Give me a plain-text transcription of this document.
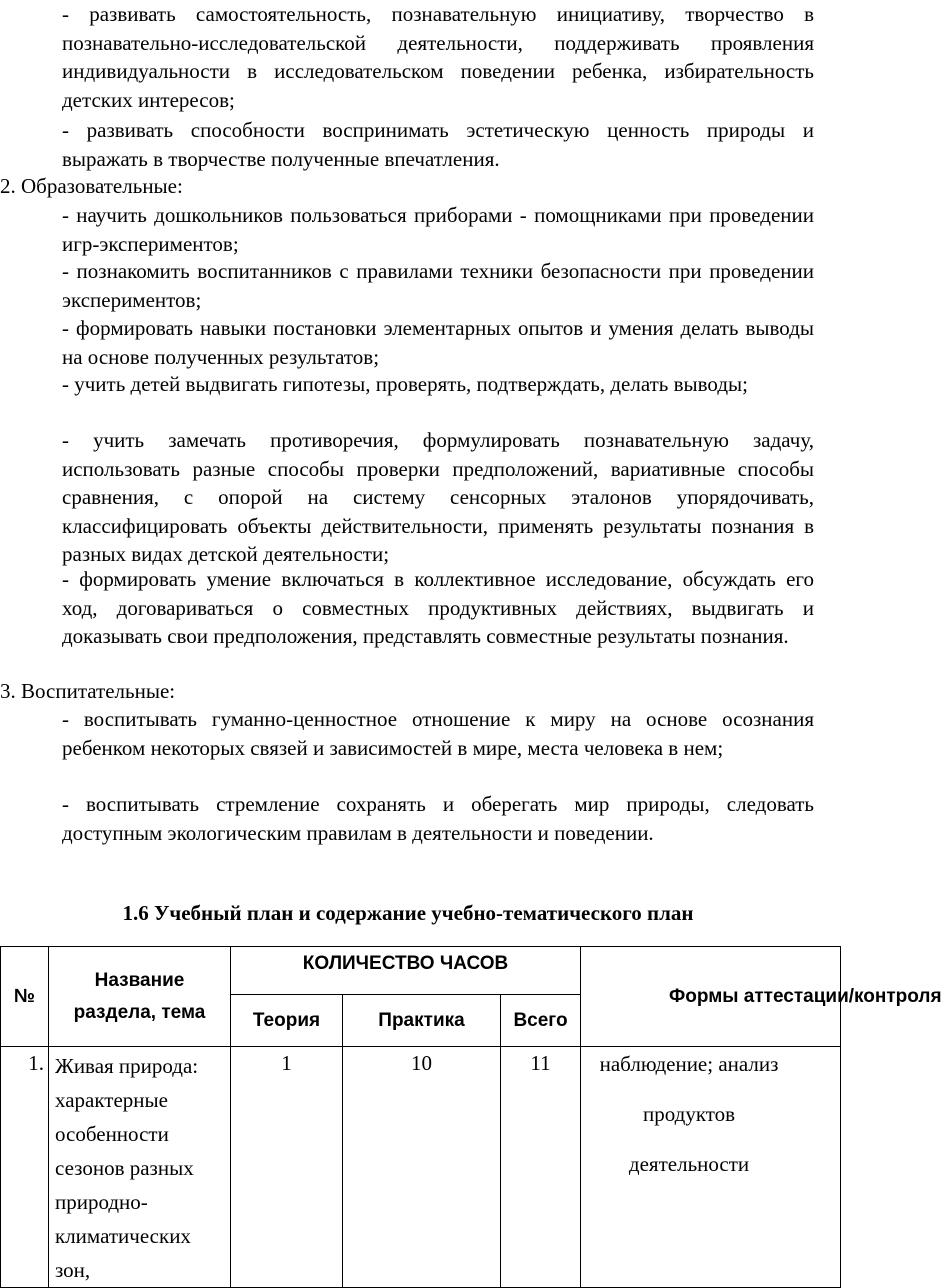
- развивать самостоятельность, познавательную инициативу, творчество в познавательно-исследовательской деятельности, поддерживать проявления индивидуальности в исследовательском поведении ребенка, избирательность детских интересов;

- развивать способности воспринимать эстетическую ценность природы и выражать в творчестве полученные впечатления.

2. Образовательные:

- научить дошкольников пользоваться приборами - помощниками при проведении игр-экспериментов;

- познакомить воспитанников с правилами техники безопасности при проведении экспериментов;

- формировать навыки постановки элементарных опытов и умения делать выводы на основе полученных результатов;

- учить детей выдвигать гипотезы, проверять, подтверждать, делать выводы;

- учить замечать противоречия, формулировать познавательную задачу, использовать разные способы проверки предположений, вариативные способы сравнения, с опорой на систему сенсорных эталонов упорядочивать, классифицировать объекты действительности, применять результаты познания в разных видах детской деятельности;

- формировать умение включаться в коллективное исследование, обсуждать его ход, договариваться о совместных продуктивных действиях, выдвигать и доказывать свои предположения, представлять совместные результаты познания.

3. Воспитательные:

- воспитывать гуманно-ценностное отношение к миру на основе осознания ребенком некоторых связей и зависимостей в мире, места человека в нем;

- воспитывать стремление сохранять и оберегать мир природы, следовать доступным экологическим правилам в деятельности и поведении.

1.6 Учебный план и содержание учебно-тематического план
№	Название раздела, тема	КОЛИЧЕСТВО ЧАСОВ			Формы аттестации/контроля

		Теория	Практика	Всего	
1.	Живая природа: характерные особенности сезонов разных природно-климатических зон,	1	10	11	наблюдение; анализ продуктов деятельности
